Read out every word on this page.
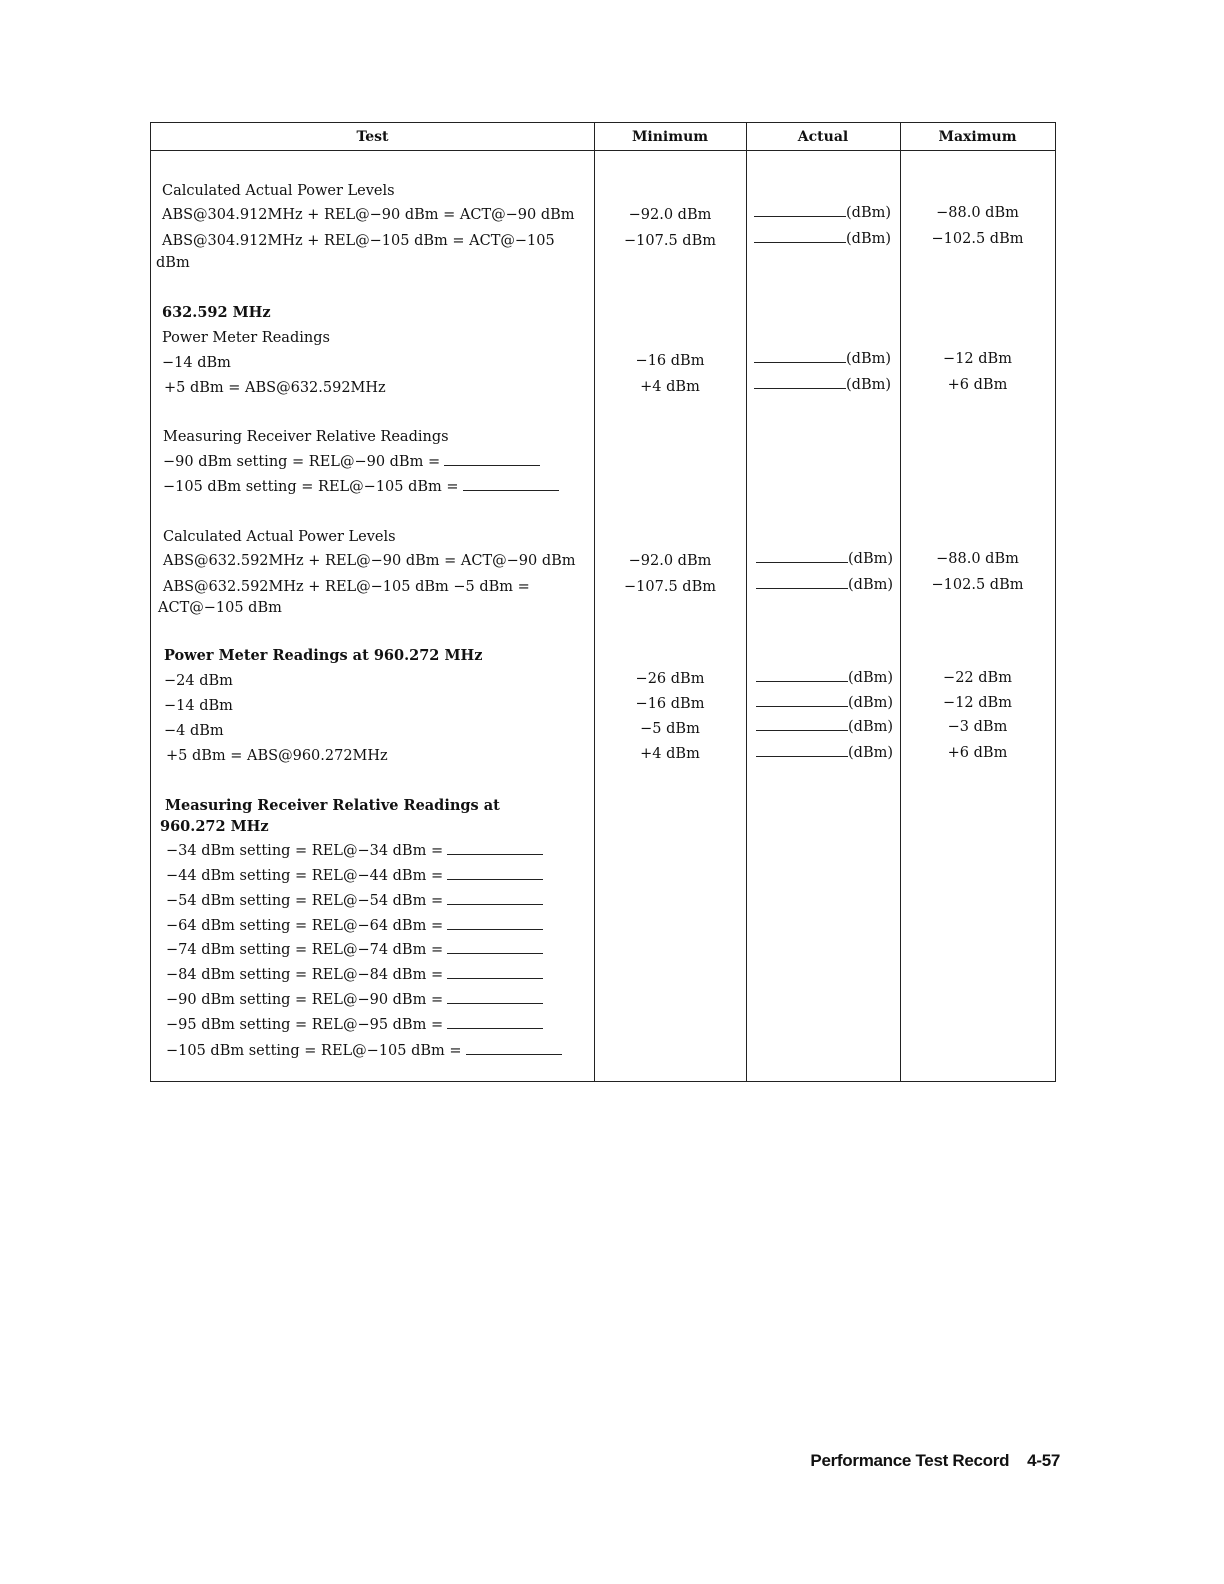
Test	Minimum	Actual	Maximum
Calculated Actual Power Levels
ABS@304.912MHz + REL@−90 dBm = ACT@−90 dBm	−92.0 dBm	(dBm)	−88.0 dBm
ABS@304.912MHz + REL@−105 dBm = ACT@−105
dBm
−107.5 dBm	(dBm)	−102.5 dBm
632.592 MHz
Power Meter Readings
−14 dBm	−16 dBm	(dBm)	−12 dBm
+5 dBm = ABS@632.592MHz	+4 dBm	(dBm)	+6 dBm
Measuring Receiver Relative Readings
−90 dBm setting = REL@−90 dBm =
−105 dBm setting = REL@−105 dBm =
Calculated Actual Power Levels
ABS@632.592MHz + REL@−90 dBm = ACT@−90 dBm	−92.0 dBm	(dBm)	−88.0 dBm
ABS@632.592MHz + REL@−105 dBm −5 dBm =
ACT@−105 dBm
−107.5 dBm	(dBm)	−102.5 dBm
Power Meter Readings at 960.272 MHz
−24 dBm	−26 dBm	(dBm)	−22 dBm
−14 dBm	−16 dBm	(dBm)	−12 dBm
−4 dBm	−5 dBm	(dBm)	−3 dBm
+5 dBm = ABS@960.272MHz	+4 dBm	(dBm)	+6 dBm
Measuring Receiver Relative Readings at
960.272 MHz
−34 dBm setting = REL@−34 dBm =
−44 dBm setting = REL@−44 dBm =
−54 dBm setting = REL@−54 dBm =
−64 dBm setting = REL@−64 dBm =
−74 dBm setting = REL@−74 dBm =
−84 dBm setting = REL@−84 dBm =
−90 dBm setting = REL@−90 dBm =
−95 dBm setting = REL@−95 dBm =
−105 dBm setting = REL@−105 dBm =
Performance Test Record 4-57
